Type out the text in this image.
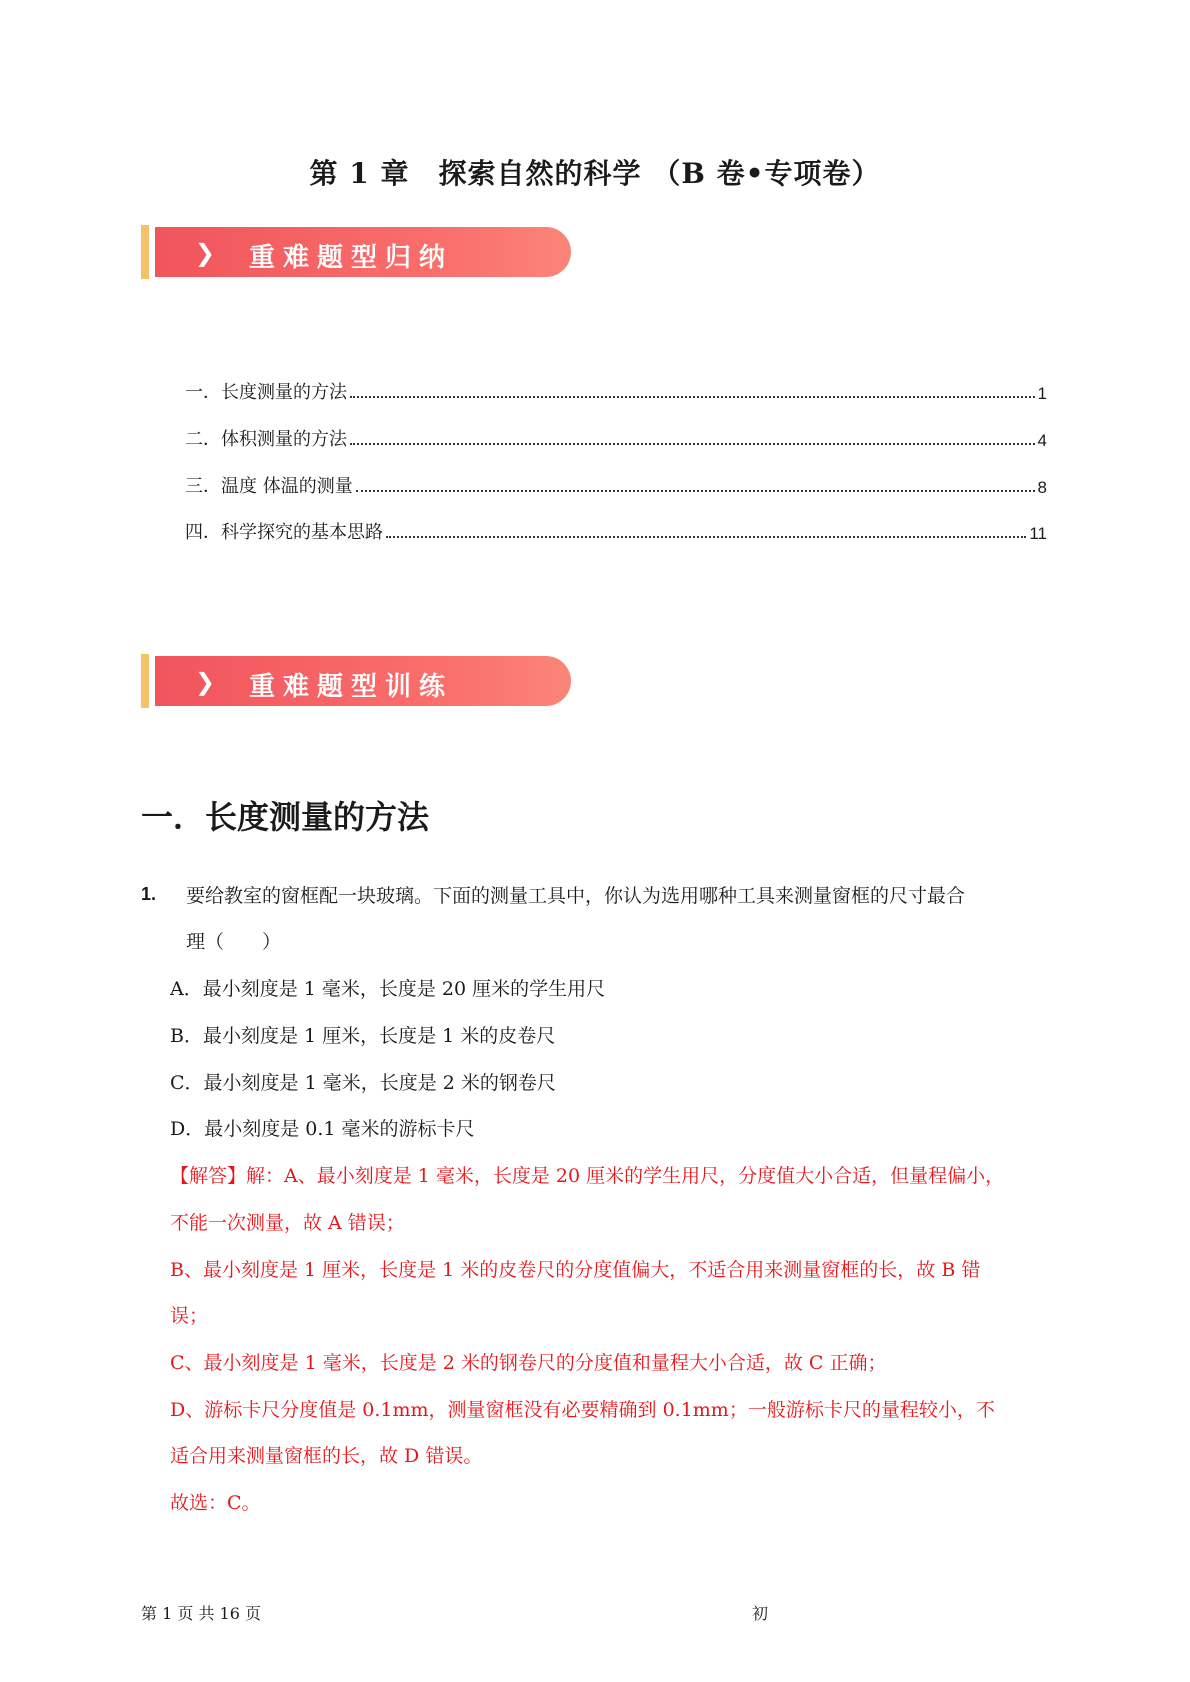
第 1 章　探索自然的科学 （B 卷•专项卷）
❯ 重难题型归纳
一．长度测量的方法	1
二．体积测量的方法	4
三．温度 体温的测量	8
四．科学探究的基本思路	11
❯ 重难题型训练
一．长度测量的方法
1. 要给教室的窗框配一块玻璃。下面的测量工具中，你认为选用哪种工具来测量窗框的尺寸最合
理（　　）
A．最小刻度是 1 毫米，长度是 20 厘米的学生用尺
B．最小刻度是 1 厘米，长度是 1 米的皮卷尺
C．最小刻度是 1 毫米，长度是 2 米的钢卷尺
D．最小刻度是 0.1 毫米的游标卡尺
【解答】解：A、最小刻度是 1 毫米，长度是 20 厘米的学生用尺，分度值大小合适，但量程偏小，
不能一次测量，故 A 错误；
B、最小刻度是 1 厘米，长度是 1 米的皮卷尺的分度值偏大，不适合用来测量窗框的长，故 B 错
误；
C、最小刻度是 1 毫米，长度是 2 米的钢卷尺的分度值和量程大小合适，故 C 正确；
D、游标卡尺分度值是 0.1mm，测量窗框没有必要精确到 0.1mm；一般游标卡尺的量程较小，不
适合用来测量窗框的长，故 D 错误。
故选：C。
第 1 页 共 16 页	初
